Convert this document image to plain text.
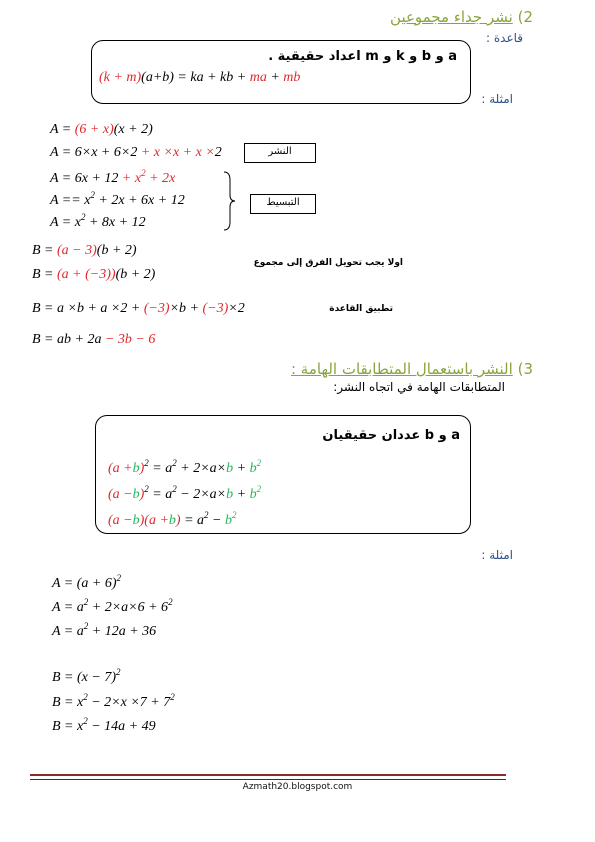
2) نشر جداء مجموعين
قاعدة :
a و b و k و m اعداد حقيقية .
(k + m)(a+b) = ka + kb + ma + mb
امثلة :
A = (6 + x)(x + 2)
A = 6×x + 6×2 + x ×x + x ×2
$A = 6x + 12 + x^2 + 2x$
$A == x^2 + 2x + 6x + 12$
$A = x^2 + 8x + 12$
النشر
التبسيط
B = (a − 3)(b + 2)
B = (a + (−3))(b + 2)
اولا يجب تحويل الفرق إلى مجموع
B = a ×b + a ×2 + (−3)×b + (−3)×2	تطبيق القاعدة
B = ab + 2a − 3b − 6
3) النشر باستعمال المتطابقات الهامة :
المتطابقات الهامة في اتجاه النشر:
a و b عددان حقيقيان
$(a +b)^2 = a^2 + 2\times a\times b + b^2$
$(a -b)^2 = a^2 - 2\times a\times b + b^2$
$(a -b)(a +b) = a^2 - b^2$
امثلة :
$A = (a + 6)^2$
$A = a^2 + 2\times a\times 6 + 6^2$
$A = a^2 + 12a + 36$
$B = (x - 7)^2$
$B = x^2 - 2\times x \times 7 + 7^2$
$B = x^2 - 14a + 49$
Azmath20.blogspot.com
